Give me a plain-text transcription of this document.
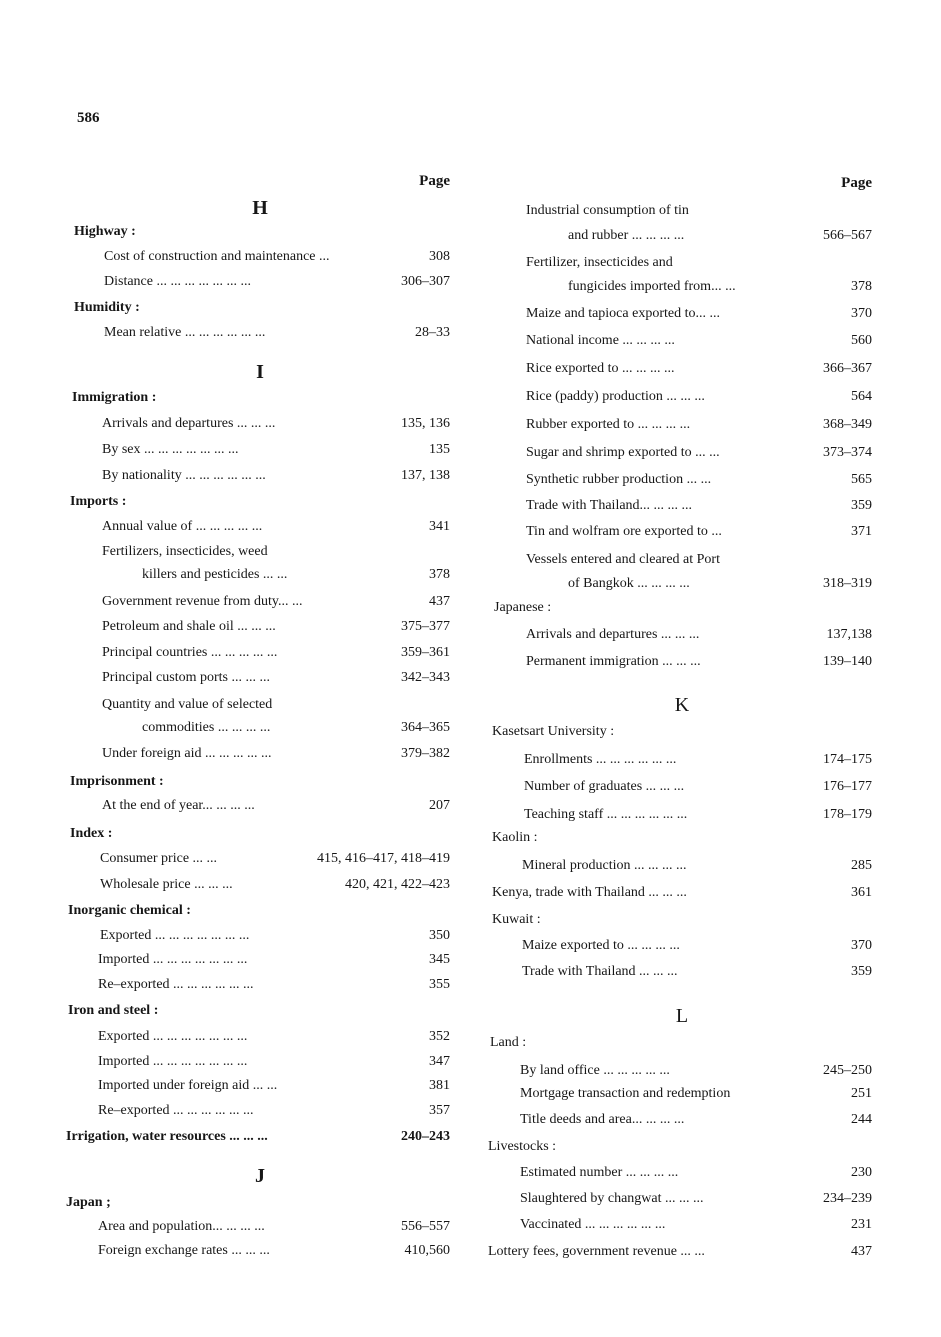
586
Page
H
Highway :
Cost of construction and maintenance ...	308
Distance ... ... ... ... ... ... ...	306–307
Humidity :
Mean relative ... ... ... ... ... ...	28–33
I
Immigration :
Arrivals and departures ... ... ...	135, 136
By sex ... ... ... ... ... ... ...	135
By nationality ... ... ... ... ... ...	137, 138
Imports :
Annual value of ... ... ... ... ...	341
Fertilizers, insecticides, weed
killers and pesticides ... ...	378
Government revenue from duty... ...	437
Petroleum and shale oil ... ... ...	375–377
Principal countries ... ... ... ... ...	359–361
Principal custom ports ... ... ...	342–343
Quantity and value of selected
commodities ... ... ... ...	364–365
Under foreign aid ... ... ... ... ...	379–382
Imprisonment :
At the end of year... ... ... ...	207
Index :
Consumer price ... ...	415, 416–417, 418–419
Wholesale price ... ... ...	420, 421, 422–423
Inorganic chemical :
Exported ... ... ... ... ... ... ...	350
Imported ... ... ... ... ... ... ...	345
Re–exported ... ... ... ... ... ...	355
Iron and steel :
Exported ... ... ... ... ... ... ...	352
Imported ... ... ... ... ... ... ...	347
Imported under foreign aid ... ...	381
Re–exported ... ... ... ... ... ...	357
Irrigation, water resources ... ... ...	240–243
J
Japan ;
Area and population... ... ... ...	556–557
Foreign exchange rates ... ... ...	410,560
Page
Industrial consumption of tin
and rubber ... ... ... ...	566–567
Fertilizer, insecticides and
fungicides imported from... ...	378
Maize and tapioca exported to... ...	370
National income ... ... ... ...	560
Rice exported to ... ... ... ...	366–367
Rice (paddy) production ... ... ...	564
Rubber exported to ... ... ... ...	368–349
Sugar and shrimp exported to ... ...	373–374
Synthetic rubber production ... ...	565
Trade with Thailand... ... ... ...	359
Tin and wolfram ore exported to ...	371
Vessels entered and cleared at Port
of Bangkok ... ... ... ...	318–319
Japanese :
Arrivals and departures ... ... ...	137,138
Permanent immigration ... ... ...	139–140
K
Kasetsart University :
Enrollments ... ... ... ... ... ...	174–175
Number of graduates ... ... ...	176–177
Teaching staff ... ... ... ... ... ...	178–179
Kaolin :
Mineral production ... ... ... ...	285
Kenya, trade with Thailand ... ... ...	361
Kuwait :
Maize exported to ... ... ... ...	370
Trade with Thailand ... ... ...	359
L
Land :
By land office ... ... ... ... ...	245–250
Mortgage transaction and redemption	251
Title deeds and area... ... ... ...	244
Livestocks :
Estimated number ... ... ... ...	230
Slaughtered by changwat ... ... ...	234–239
Vaccinated ... ... ... ... ... ...	231
Lottery fees, government revenue ... ...	437
